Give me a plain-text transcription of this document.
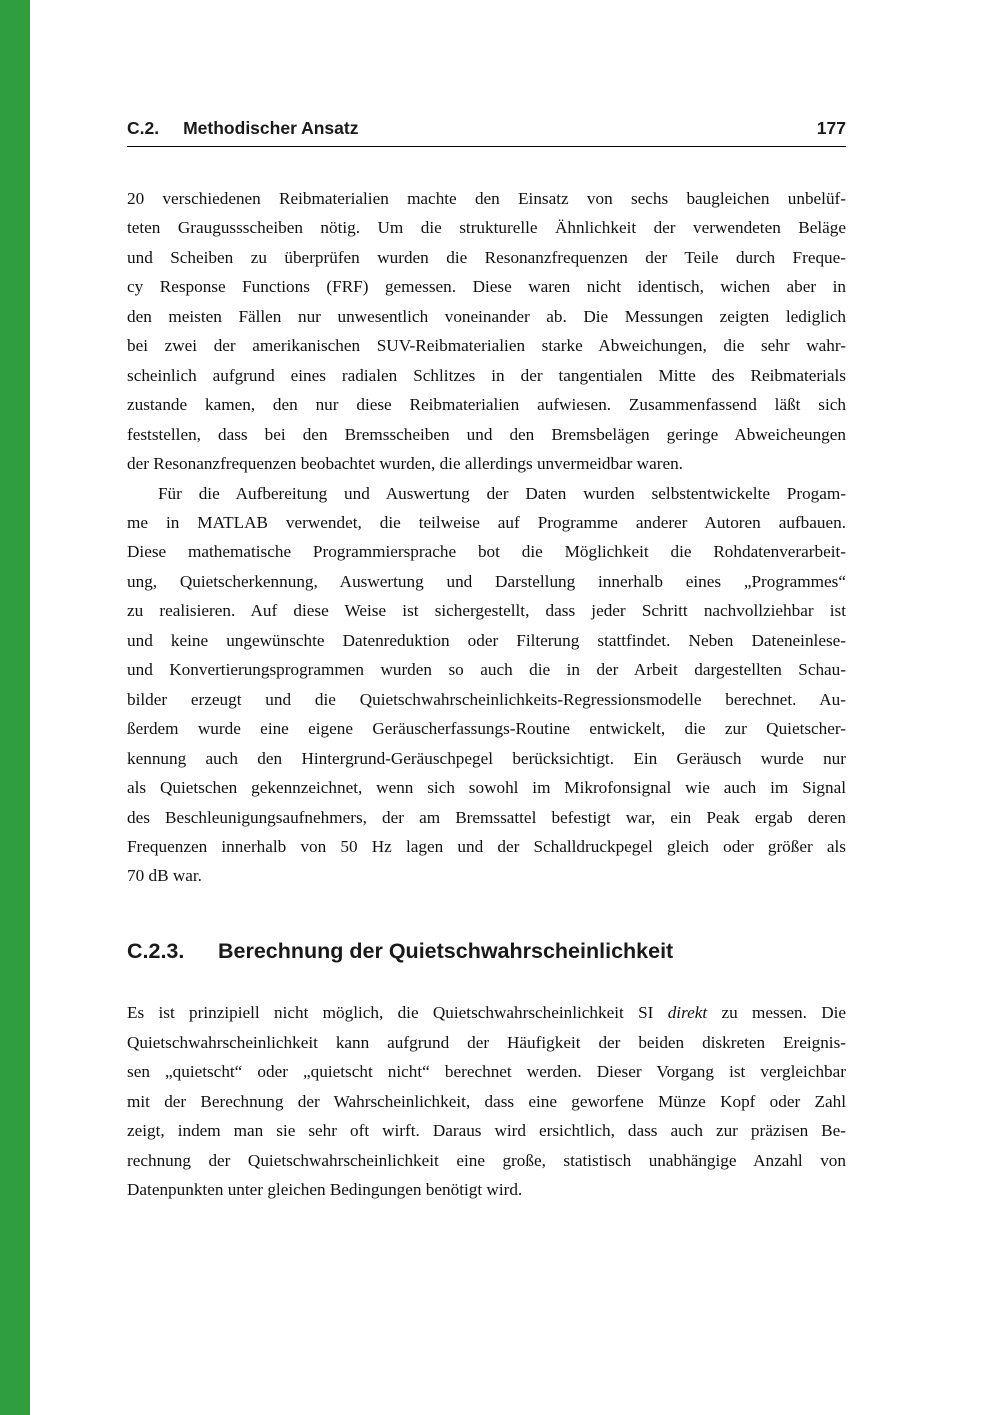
C.2. Methodischer Ansatz	177
20 verschiedenen Reibmaterialien machte den Einsatz von sechs baugleichen unbelüf-
teten Graugussscheiben nötig. Um die strukturelle Ähnlichkeit der verwendeten Beläge
und Scheiben zu überprüfen wurden die Resonanzfrequenzen der Teile durch Freque-
cy Response Functions (FRF) gemessen. Diese waren nicht identisch, wichen aber in
den meisten Fällen nur unwesentlich voneinander ab. Die Messungen zeigten lediglich
bei zwei der amerikanischen SUV-Reibmaterialien starke Abweichungen, die sehr wahr-
scheinlich aufgrund eines radialen Schlitzes in der tangentialen Mitte des Reibmaterials
zustande kamen, den nur diese Reibmaterialien aufwiesen. Zusammenfassend läßt sich
feststellen, dass bei den Bremsscheiben und den Bremsbelägen geringe Abweicheungen
der Resonanzfrequenzen beobachtet wurden, die allerdings unvermeidbar waren.
Für die Aufbereitung und Auswertung der Daten wurden selbstentwickelte Progam-
me in MATLAB verwendet, die teilweise auf Programme anderer Autoren aufbauen.
Diese mathematische Programmiersprache bot die Möglichkeit die Rohdatenverarbeit-
ung, Quietscherkennung, Auswertung und Darstellung innerhalb eines „Programmes“
zu realisieren. Auf diese Weise ist sichergestellt, dass jeder Schritt nachvollziehbar ist
und keine ungewünschte Datenreduktion oder Filterung stattfindet. Neben Dateneinlese-
und Konvertierungsprogrammen wurden so auch die in der Arbeit dargestellten Schau-
bilder erzeugt und die Quietschwahrscheinlichkeits-Regressionsmodelle berechnet. Au-
ßerdem wurde eine eigene Geräuscherfassungs-Routine entwickelt, die zur Quietscher-
kennung auch den Hintergrund-Geräuschpegel berücksichtigt. Ein Geräusch wurde nur
als Quietschen gekennzeichnet, wenn sich sowohl im Mikrofonsignal wie auch im Signal
des Beschleunigungsaufnehmers, der am Bremssattel befestigt war, ein Peak ergab deren
Frequenzen innerhalb von 50 Hz lagen und der Schalldruckpegel gleich oder größer als
70 dB war.
C.2.3.	Berechnung der Quietschwahrscheinlichkeit
Es ist prinzipiell nicht möglich, die Quietschwahrscheinlichkeit SI direkt zu messen. Die
Quietschwahrscheinlichkeit kann aufgrund der Häufigkeit der beiden diskreten Ereignis-
sen „quietscht“ oder „quietscht nicht“ berechnet werden. Dieser Vorgang ist vergleichbar
mit der Berechnung der Wahrscheinlichkeit, dass eine geworfene Münze Kopf oder Zahl
zeigt, indem man sie sehr oft wirft. Daraus wird ersichtlich, dass auch zur präzisen Be-
rechnung der Quietschwahrscheinlichkeit eine große, statistisch unabhängige Anzahl von
Datenpunkten unter gleichen Bedingungen benötigt wird.
